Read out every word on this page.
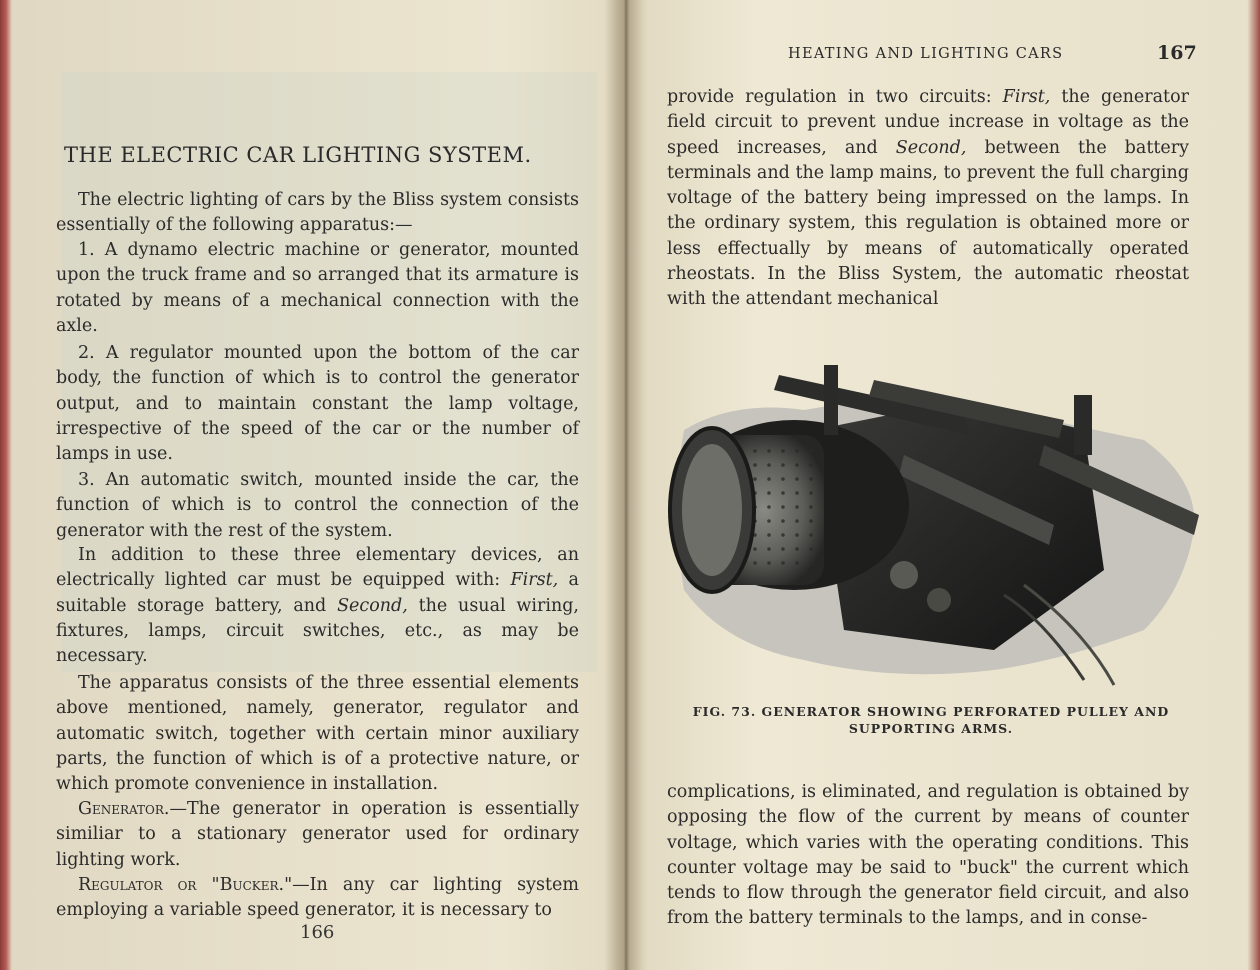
THE ELECTRIC CAR LIGHTING SYSTEM.

The electric lighting of cars by the Bliss system consists essentially of the following apparatus:—

1. A dynamo electric machine or generator, mounted upon the truck frame and so arranged that its armature is rotated by means of a mechanical connection with the axle.

2. A regulator mounted upon the bottom of the car body, the function of which is to control the generator output, and to maintain constant the lamp voltage, irrespective of the speed of the car or the number of lamps in use.

3. An automatic switch, mounted inside the car, the function of which is to control the connection of the generator with the rest of the system.

In addition to these three elementary devices, an electrically lighted car must be equipped with: First, a suitable storage battery, and Second, the usual wiring, fixtures, lamps, circuit switches, etc., as may be necessary.

The apparatus consists of the three essential elements above mentioned, namely, generator, regulator and automatic switch, together with certain minor auxiliary parts, the function of which is of a protective nature, or which promote convenience in installation.

Generator.—The generator in operation is essentially similiar to a stationary generator used for ordinary lighting work.

Regulator or "Bucker."—In any car lighting system employing a variable speed generator, it is necessary to

166
HEATING AND LIGHTING CARS	167

provide regulation in two circuits: First, the generator field circuit to prevent undue increase in voltage as the speed increases, and Second, between the battery terminals and the lamp mains, to prevent the full charging voltage of the battery being impressed on the lamps. In the ordinary system, this regulation is obtained more or less effectually by means of automatically operated rheostats. In the Bliss System, the automatic rheostat with the attendant mechanical

FIG. 73. GENERATOR SHOWING PERFORATED PULLEY AND SUPPORTING ARMS.

complications, is eliminated, and regulation is obtained by opposing the flow of the current by means of counter voltage, which varies with the operating conditions. This counter voltage may be said to "buck" the current which tends to flow through the generator field circuit, and also from the battery terminals to the lamps, and in conse-
